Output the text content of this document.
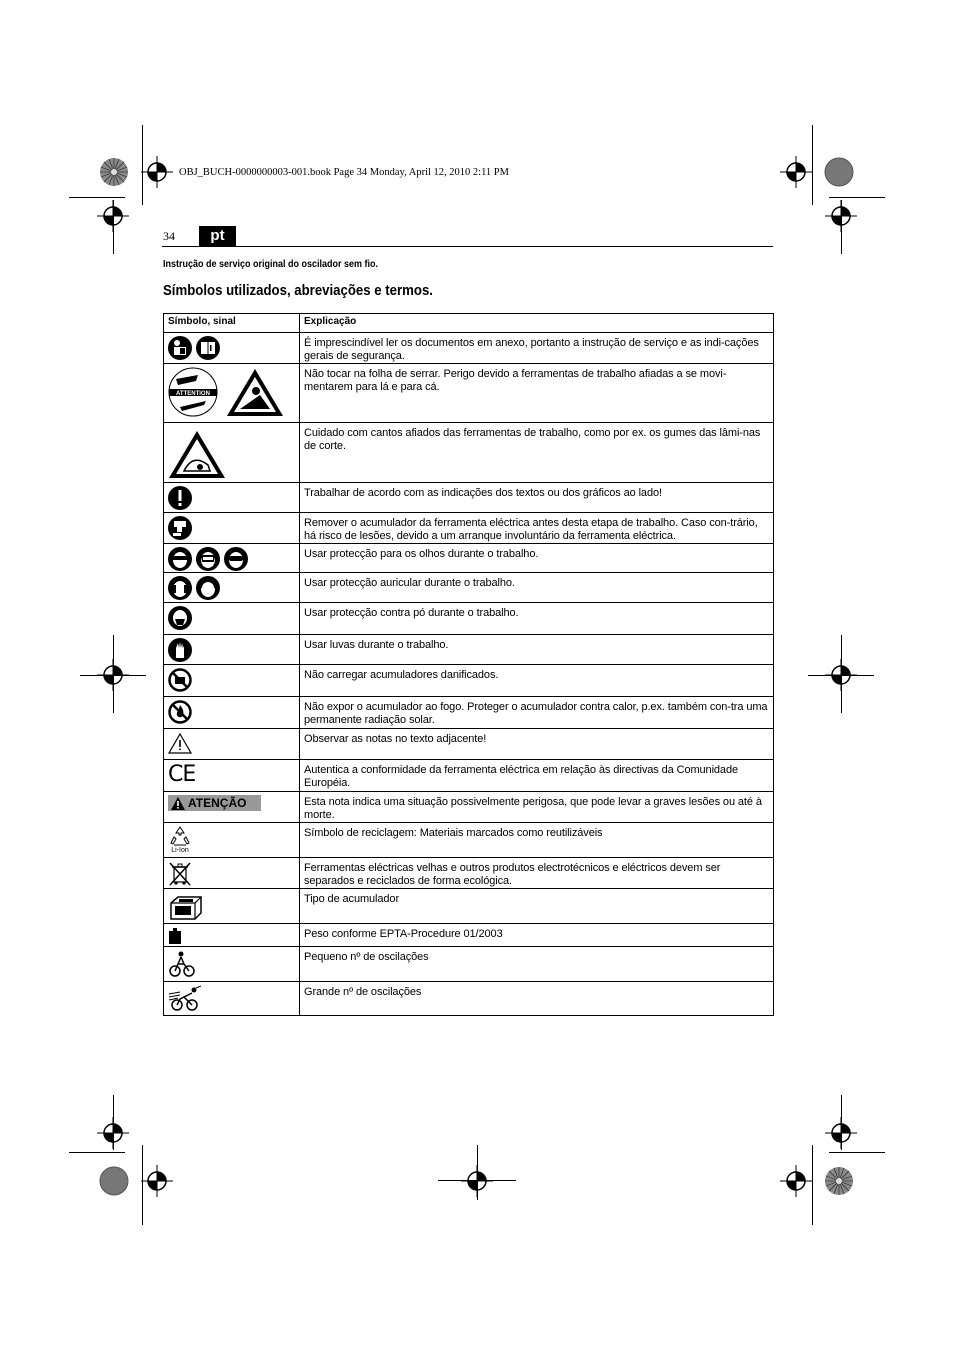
OBJ_BUCH-0000000003-001.book Page 34 Monday, April 12, 2010 2:11 PM
34	pt
Instrução de serviço original do oscilador sem fio.
Símbolos utilizados, abreviações e termos.
Símbolo, sinal	Explicação

	É imprescindível ler os documentos em anexo, portanto a instrução de serviço e as indi-cações gerais de segurança.

ATTENTION	Não tocar na folha de serrar. Perigo devido a ferramentas de trabalho afiadas a se movi-mentarem para lá e para cá.

	Cuidado com cantos afiados das ferramentas de trabalho, como por ex. os gumes das lâmi-nas de corte.

	Trabalhar de acordo com as indicações dos textos ou dos gráficos ao lado!

	Remover o acumulador da ferramenta eléctrica antes desta etapa de trabalho. Caso con-trário, há risco de lesões, devido a um arranque involuntário da ferramenta eléctrica.

	Usar protecção para os olhos durante o trabalho.

	Usar protecção auricular durante o trabalho.

	Usar protecção contra pó durante o trabalho.

	Usar luvas durante o trabalho.

	Não carregar acumuladores danificados.

	Não expor o acumulador ao fogo. Proteger o acumulador contra calor, p.ex. também con-tra uma permanente radiação solar.

	Observar as notas no texto adjacente!

CE	Autentica a conformidade da ferramenta eléctrica em relação às directivas da Comunidade Européia.

ATENÇÃO	Esta nota indica uma situação possivelmente perigosa, que pode levar a graves lesões ou até à morte.

Li-Ion	Símbolo de reciclagem: Materiais marcados como reutilizáveis

	Ferramentas eléctricas velhas e outros produtos electrotécnicos e eléctricos devem ser separados e reciclados de forma ecológica.

	Tipo de acumulador

	Peso conforme EPTA-Procedure 01/2003

	Pequeno nº de oscilações

	Grande nº de oscilações
